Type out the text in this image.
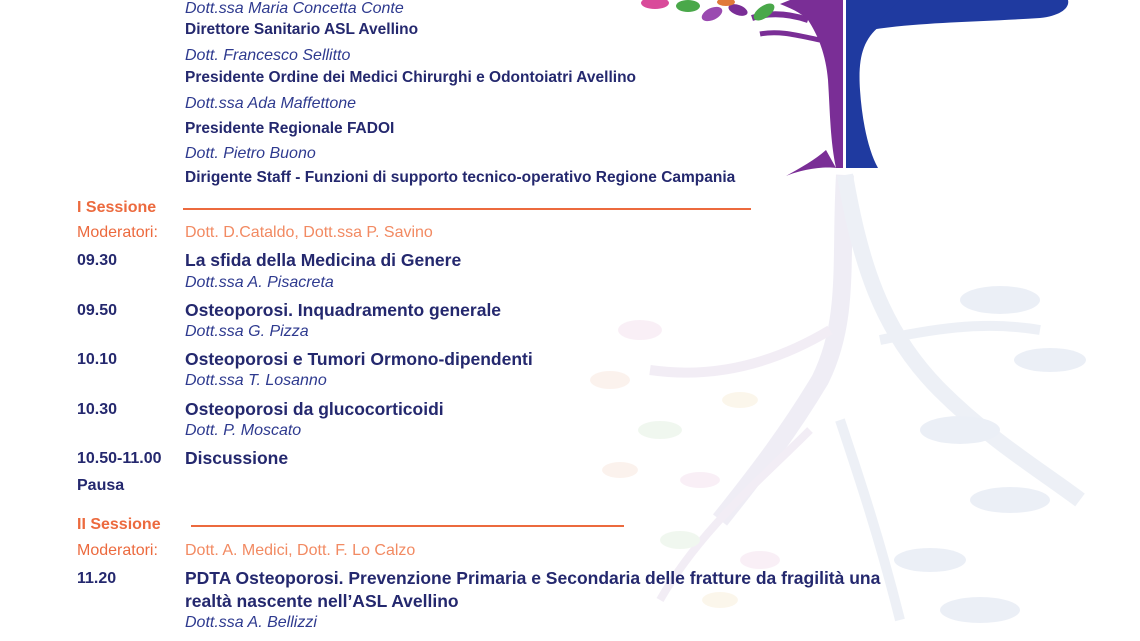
Dott.ssa Maria Concetta Conte
Direttore Sanitario ASL Avellino
Dott. Francesco Sellitto
Presidente Ordine dei Medici Chirurghi e Odontoiatri Avellino
Dott.ssa Ada Maffettone
Presidente Regionale FADOI
Dott. Pietro Buono
Dirigente Staff - Funzioni di supporto tecnico-operativo Regione Campania
I Sessione
Moderatori: Dott. D.Cataldo, Dott.ssa P. Savino
09.30	La sfida della Medicina di Genere
Dott.ssa A. Pisacreta
09.50	Osteoporosi. Inquadramento generale
Dott.ssa G. Pizza
10.10	Osteoporosi e Tumori Ormono-dipendenti
Dott.ssa T. Losanno
10.30	Osteoporosi da glucocorticoidi
Dott. P. Moscato
10.50-11.00 Discussione
Pausa
II Sessione
Moderatori: Dott. A. Medici, Dott. F. Lo Calzo
11.20	PDTA Osteoporosi. Prevenzione Primaria e Secondaria delle fratture da fragilità una
realtà nascente nell’ASL Avellino
Dott.ssa A. Bellizzi
